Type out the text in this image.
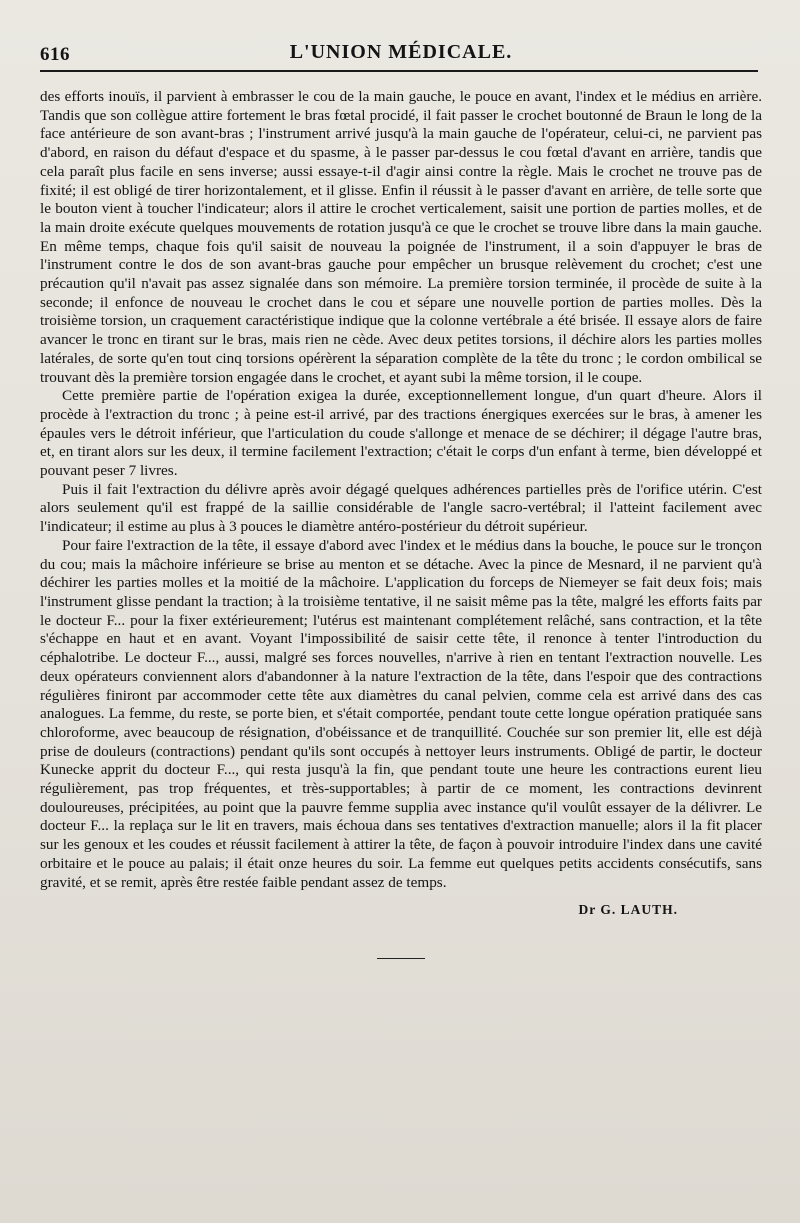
616	L'UNION MÉDICALE.

des efforts inouïs, il parvient à embrasser le cou de la main gauche, le pouce en avant, l'index et le médius en arrière. Tandis que son collègue attire fortement le bras fœtal procidé, il fait passer le crochet boutonné de Braun le long de la face antérieure de son avant-bras ; l'instrument arrivé jusqu'à la main gauche de l'opérateur, celui-ci, ne parvient pas d'abord, en raison du défaut d'espace et du spasme, à le passer par-dessus le cou fœtal d'avant en arrière, tandis que cela paraît plus facile en sens inverse; aussi essaye-t-il d'agir ainsi contre la règle. Mais le crochet ne trouve pas de fixité; il est obligé de tirer horizontalement, et il glisse. Enfin il réussit à le passer d'avant en arrière, de telle sorte que le bouton vient à toucher l'indicateur; alors il attire le crochet verticalement, saisit une portion de parties molles, et de la main droite exécute quelques mouvements de rotation jusqu'à ce que le crochet se trouve libre dans la main gauche. En même temps, chaque fois qu'il saisit de nouveau la poignée de l'instrument, il a soin d'appuyer le bras de l'instrument contre le dos de son avant-bras gauche pour empêcher un brusque relèvement du crochet; c'est une précaution qu'il n'avait pas assez signalée dans son mémoire. La première torsion terminée, il procède de suite à la seconde; il enfonce de nouveau le crochet dans le cou et sépare une nouvelle portion de parties molles. Dès la troisième torsion, un craquement caractéristique indique que la colonne vertébrale a été brisée. Il essaye alors de faire avancer le tronc en tirant sur le bras, mais rien ne cède. Avec deux petites torsions, il déchire alors les parties molles latérales, de sorte qu'en tout cinq torsions opérèrent la séparation complète de la tête du tronc ; le cordon ombilical se trouvant dès la première torsion engagée dans le crochet, et ayant subi la même torsion, il le coupe.

Cette première partie de l'opération exigea la durée, exceptionnellement longue, d'un quart d'heure. Alors il procède à l'extraction du tronc ; à peine est-il arrivé, par des tractions énergiques exercées sur le bras, à amener les épaules vers le détroit inférieur, que l'articulation du coude s'allonge et menace de se déchirer; il dégage l'autre bras, et, en tirant alors sur les deux, il termine facilement l'extraction; c'était le corps d'un enfant à terme, bien développé et pouvant peser 7 livres.

Puis il fait l'extraction du délivre après avoir dégagé quelques adhérences partielles près de l'orifice utérin. C'est alors seulement qu'il est frappé de la saillie considérable de l'angle sacro-vertébral; il l'atteint facilement avec l'indicateur; il estime au plus à 3 pouces le diamètre antéro-postérieur du détroit supérieur.

Pour faire l'extraction de la tête, il essaye d'abord avec l'index et le médius dans la bouche, le pouce sur le tronçon du cou; mais la mâchoire inférieure se brise au menton et se détache. Avec la pince de Mesnard, il ne parvient qu'à déchirer les parties molles et la moitié de la mâchoire. L'application du forceps de Niemeyer se fait deux fois; mais l'instrument glisse pendant la traction; à la troisième tentative, il ne saisit même pas la tête, malgré les efforts faits par le docteur F... pour la fixer extérieurement; l'utérus est maintenant complétement relâché, sans contraction, et la tête s'échappe en haut et en avant. Voyant l'impossibilité de saisir cette tête, il renonce à tenter l'introduction du céphalotribe. Le docteur F..., aussi, malgré ses forces nouvelles, n'arrive à rien en tentant l'extraction nouvelle. Les deux opérateurs conviennent alors d'abandonner à la nature l'extraction de la tête, dans l'espoir que des contractions régulières finiront par accommoder cette tête aux diamètres du canal pelvien, comme cela est arrivé dans des cas analogues. La femme, du reste, se porte bien, et s'était comportée, pendant toute cette longue opération pratiquée sans chloroforme, avec beaucoup de résignation, d'obéissance et de tranquillité. Couchée sur son premier lit, elle est déjà prise de douleurs (contractions) pendant qu'ils sont occupés à nettoyer leurs instruments. Obligé de partir, le docteur Kunecke apprit du docteur F..., qui resta jusqu'à la fin, que pendant toute une heure les contractions eurent lieu régulièrement, pas trop fréquentes, et très-supportables; à partir de ce moment, les contractions devinrent douloureuses, précipitées, au point que la pauvre femme supplia avec instance qu'il voulût essayer de la délivrer. Le docteur F... la replaça sur le lit en travers, mais échoua dans ses tentatives d'extraction manuelle; alors il la fit placer sur les genoux et les coudes et réussit facilement à attirer la tête, de façon à pouvoir introduire l'index dans une cavité orbitaire et le pouce au palais; il était onze heures du soir. La femme eut quelques petits accidents consécutifs, sans gravité, et se remit, après être restée faible pendant assez de temps.

Dr G. LAUTH.
